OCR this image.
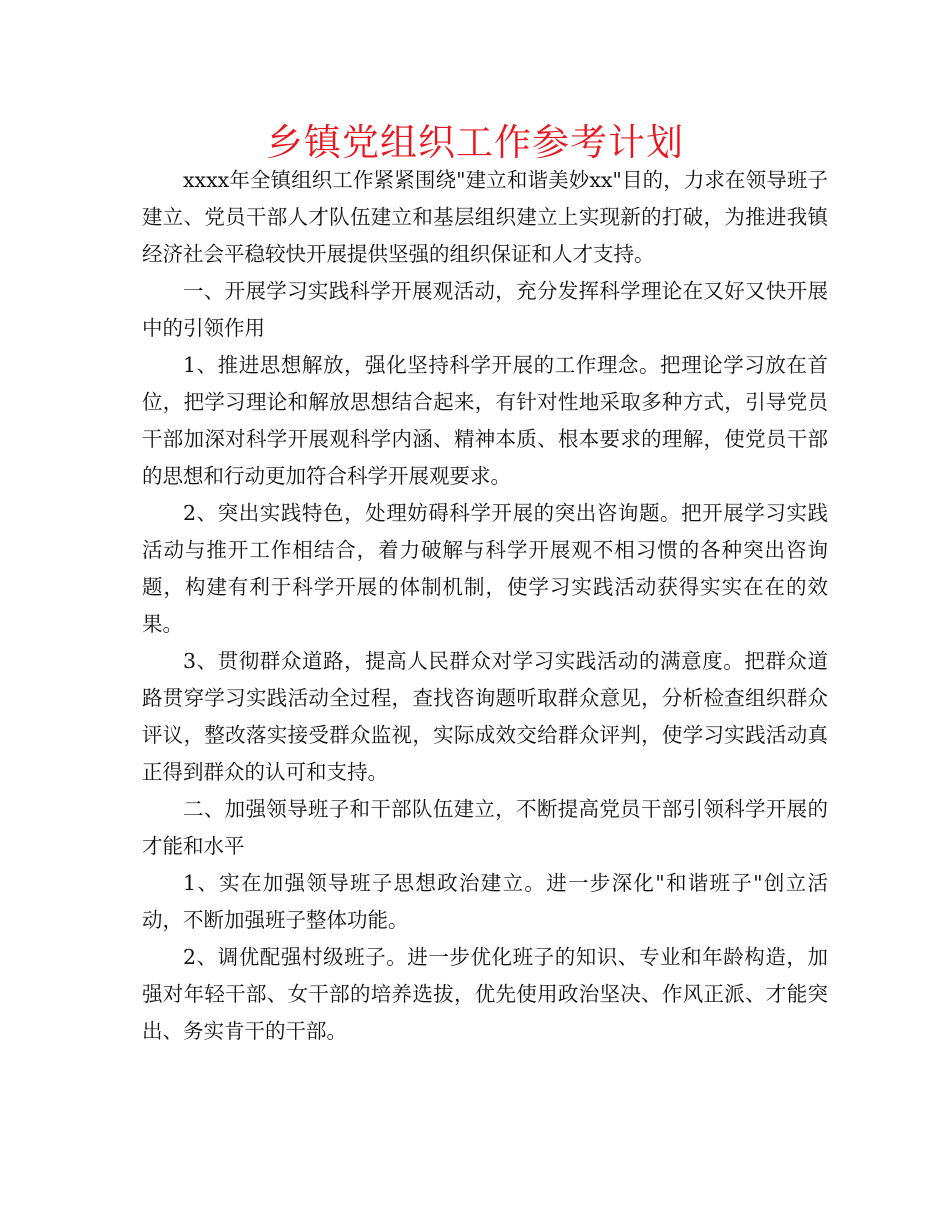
乡镇党组织工作参考计划

xxxx年全镇组织工作紧紧围绕"建立和谐美妙xx"目的，力求在领导班子建立、党员干部人才队伍建立和基层组织建立上实现新的打破，为推进我镇经济社会平稳较快开展提供坚强的组织保证和人才支持。

一、开展学习实践科学开展观活动，充分发挥科学理论在又好又快开展中的引领作用

1、推进思想解放，强化坚持科学开展的工作理念。把理论学习放在首位，把学习理论和解放思想结合起来，有针对性地采取多种方式，引导党员干部加深对科学开展观科学内涵、精神本质、根本要求的理解，使党员干部的思想和行动更加符合科学开展观要求。

2、突出实践特色，处理妨碍科学开展的突出咨询题。把开展学习实践活动与推开工作相结合，着力破解与科学开展观不相习惯的各种突出咨询题，构建有利于科学开展的体制机制，使学习实践活动获得实实在在的效果。

3、贯彻群众道路，提高人民群众对学习实践活动的满意度。把群众道路贯穿学习实践活动全过程，查找咨询题听取群众意见，分析检查组织群众评议，整改落实接受群众监视，实际成效交给群众评判，使学习实践活动真正得到群众的认可和支持。

二、加强领导班子和干部队伍建立，不断提高党员干部引领科学开展的才能和水平

1、实在加强领导班子思想政治建立。进一步深化"和谐班子"创立活动，不断加强班子整体功能。

2、调优配强村级班子。进一步优化班子的知识、专业和年龄构造，加强对年轻干部、女干部的培养选拔，优先使用政治坚决、作风正派、才能突出、务实肯干的干部。
